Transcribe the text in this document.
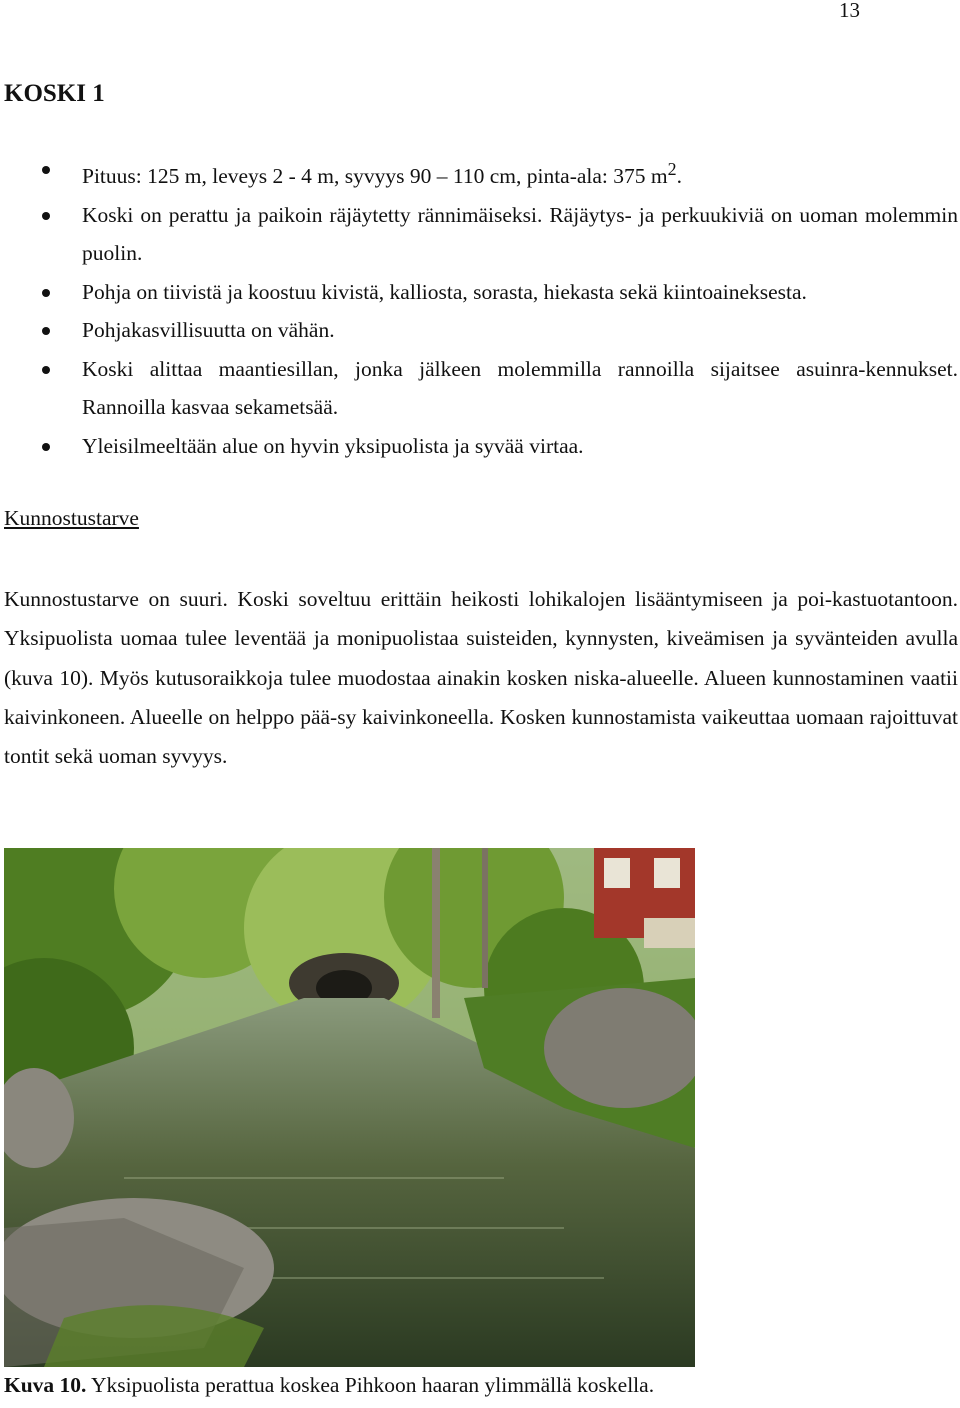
13
KOSKI 1
Pituus: 125 m, leveys 2 - 4 m, syvyys 90 – 110 cm, pinta-ala: 375 $m^2$.
Koski on perattu ja paikoin räjäytetty rännimäiseksi. Räjäytys- ja perkuukiviä on uoman molemmin puolin.
Pohja on tiivistä ja koostuu kivistä, kalliosta, sorasta, hiekasta sekä kiintoaineksesta.
Pohjakasvillisuutta on vähän.
Koski alittaa maantiesillan, jonka jälkeen molemmilla rannoilla sijaitsee asuinra-kennukset. Rannoilla kasvaa sekametsää.
Yleisilmeeltään alue on hyvin yksipuolista ja syvää virtaa.
Kunnostustarve

Kunnostustarve on suuri. Koski soveltuu erittäin heikosti lohikalojen lisääntymiseen ja poi-kastuotantoon. Yksipuolista uomaa tulee leventää ja monipuolistaa suisteiden, kynnysten, kiveämisen ja syvänteiden avulla (kuva 10). Myös kutusoraikkoja tulee muodostaa ainakin kosken niska-alueelle. Alueen kunnostaminen vaatii kaivinkoneen. Alueelle on helppo pää-sy kaivinkoneella. Kosken kunnostamista vaikeuttaa uomaan rajoittuvat tontit sekä uoman syvyys.

Kuva 10. Yksipuolista perattua koskea Pihkoon haaran ylimmällä koskella.
